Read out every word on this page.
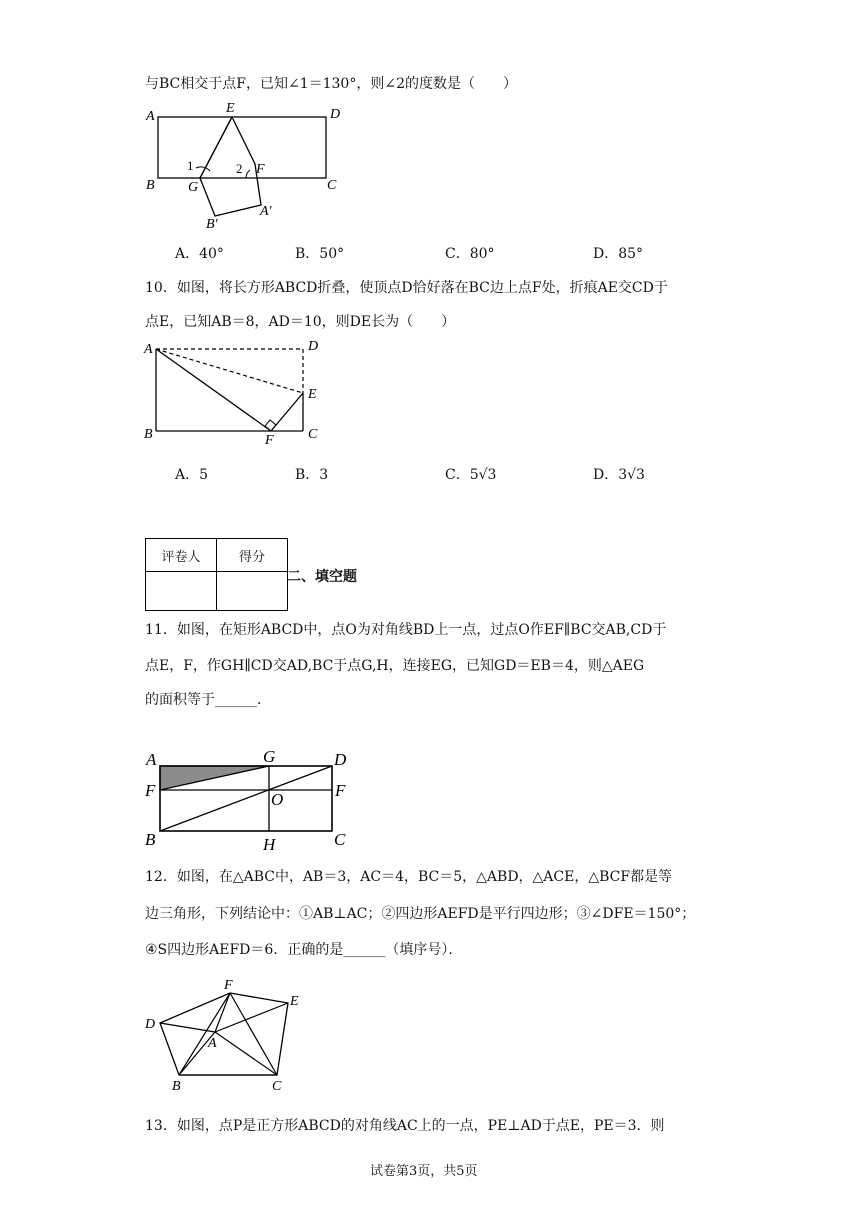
与BC相交于点F，已知∠1＝130°，则∠2的度数是（　　）
A
E	D
B G
F
C
B′
A′
1	2
A．40°	B．50°	C．80°	D．85°
10．如图，将长方形ABCD折叠，使顶点D恰好落在BC边上点F处，折痕AE交CD于
点E，已知AB＝8，AD＝10，则DE长为（　　）
A	D
E
B	F C
A．5	B．3	C．5√3	D．3√3
评卷人	得分

二、填空题
11．如图，在矩形ABCD中，点O为对角线BD上一点，过点O作EF∥BC交AB,CD于
点E，F，作GH∥CD交AD,BC于点G,H，连接EG，已知GD＝EB＝4，则△AEG
的面积等于______．
A	G	D
F	O	F
B	H	C
12．如图，在△ABC中，AB＝3，AC＝4，BC＝5，△ABD，△ACE，△BCF都是等
边三角形，下列结论中：①AB⊥AC；②四边形AEFD是平行四边形；③∠DFE＝150°；
④S四边形AEFD＝6．正确的是______（填序号）．
F
E
D
A
B	C
13．如图，点P是正方形ABCD的对角线AC上的一点，PE⊥AD于点E，PE＝3．则
试卷第3页，共5页
